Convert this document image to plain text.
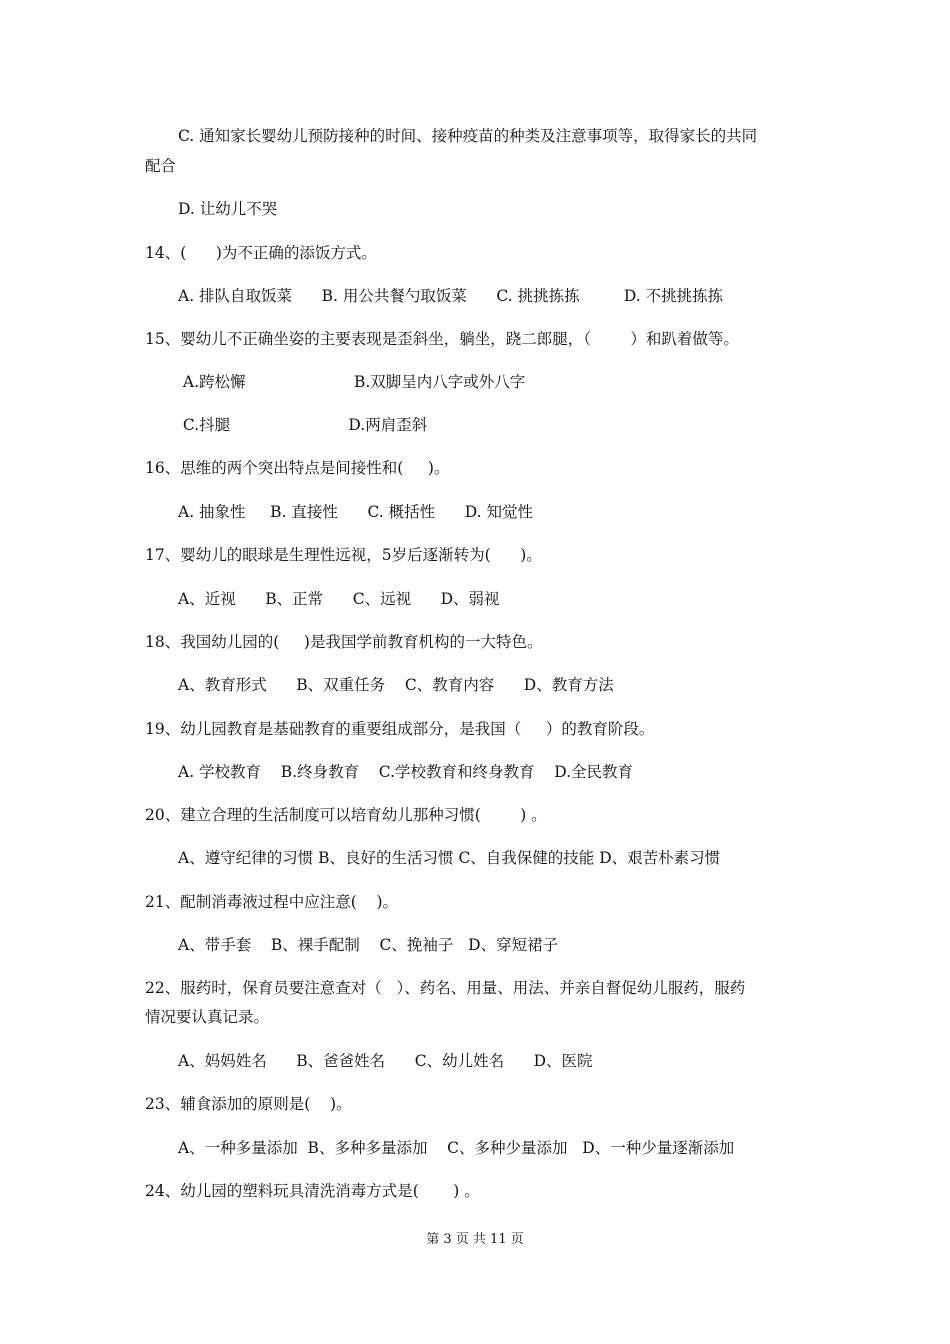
C. 通知家长婴幼儿预防接种的时间、接种疫苗的种类及注意事项等，取得家长的共同
配合
D. 让幼儿不哭
14、(      )为不正确的添饭方式。
A. 排队自取饭菜      B. 用公共餐勺取饭菜      C. 挑挑拣拣         D. 不挑挑拣拣
15、婴幼儿不正确坐姿的主要表现是歪斜坐，躺坐，跷二郎腿，（        ）和趴着做等。
A.跨松懈                      B.双脚呈内八字或外八字
C.抖腿                        D.两肩歪斜
16、思维的两个突出特点是间接性和(     )。
A. 抽象性     B. 直接性      C. 概括性      D. 知觉性
17、婴幼儿的眼球是生理性远视，5岁后逐渐转为(      )。
A、近视      B、正常      C、远视      D、弱视
18、我国幼儿园的(     )是我国学前教育机构的一大特色。
A、教育形式      B、双重任务    C、教育内容      D、教育方法
19、幼儿园教育是基础教育的重要组成部分，是我国（     ）的教育阶段。
A. 学校教育    B.终身教育    C.学校教育和终身教育    D.全民教育
20、建立合理的生活制度可以培育幼儿那种习惯(        ) 。
A、遵守纪律的习惯 B、良好的生活习惯 C、自我保健的技能 D、艰苦朴素习惯
21、配制消毒液过程中应注意(    )。
A、带手套    B、裸手配制    C、挽袖子   D、穿短裙子
22、服药时，保育员要注意查对（   ）、药名、用量、用法、并亲自督促幼儿服药，服药
情况要认真记录。
A、妈妈姓名      B、爸爸姓名      C、幼儿姓名      D、医院
23、辅食添加的原则是(    )。
A、一种多量添加  B、多种多量添加    C、多种少量添加   D、一种少量逐渐添加
24、幼儿园的塑料玩具清洗消毒方式是(       ) 。
第 3 页 共 11 页
